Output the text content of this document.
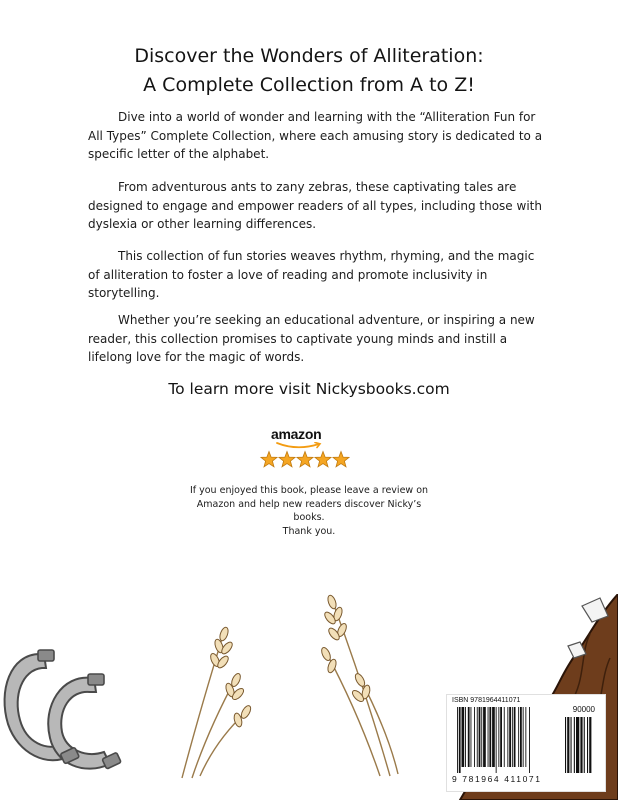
Discover the Wonders of Alliteration:
A Complete Collection from A to Z!

Dive into a world of wonder and learning with the “Alliteration Fun for All Types” Complete Collection, where each amusing story is dedicated to a specific letter of the alphabet.

From adventurous ants to zany zebras, these captivating tales are designed to engage and empower readers of all types, including those with dyslexia or other learning differences.

This collection of fun stories weaves rhythm, rhyming, and the magic of alliteration to foster a love of reading and promote inclusivity in storytelling.

Whether you’re seeking an educational adventure, or inspiring a new reader, this collection promises to captivate young minds and instill a lifelong love for the magic of words.

To learn more visit Nickysbooks.com
amazon
If you enjoyed this book, please leave a review on
Amazon and help new readers discover Nicky’s books.
Thank you.
ISBN 9781964411071
90000
9 781964 411071
